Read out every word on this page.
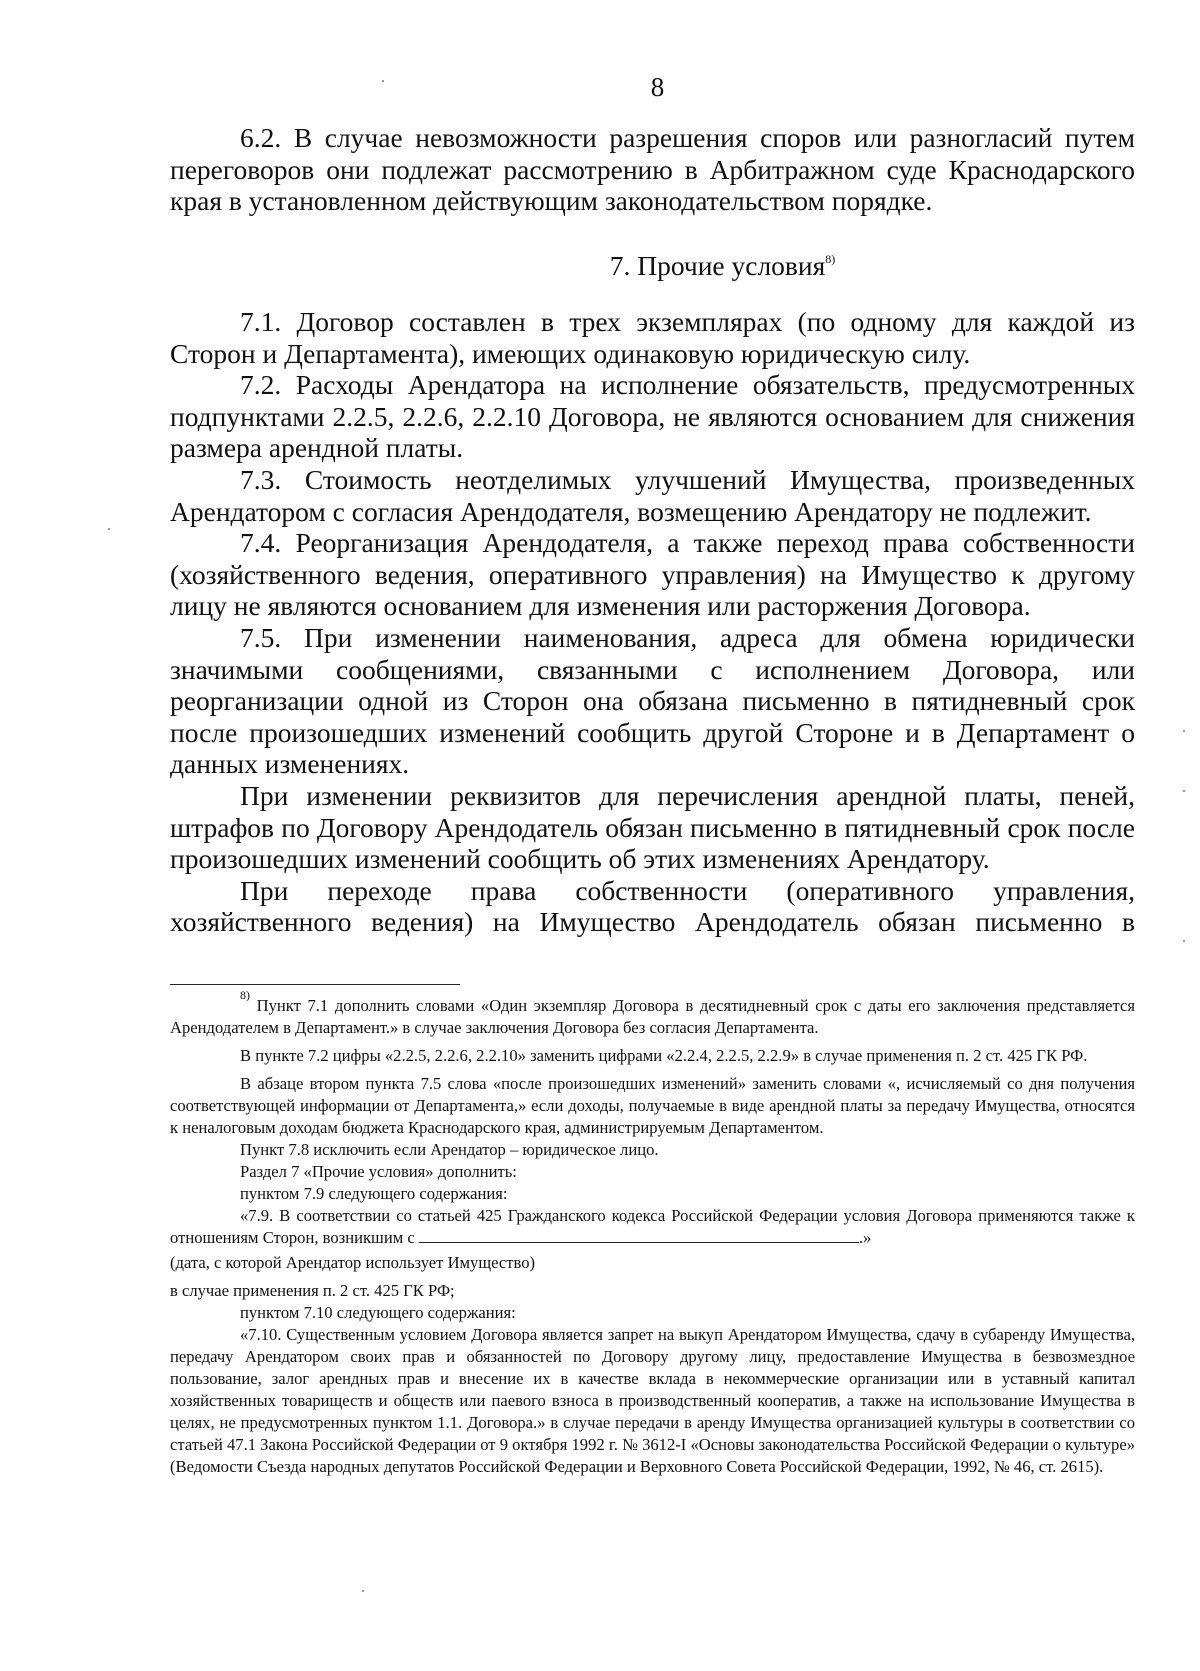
8

6.2. В случае невозможности разрешения споров или разногласий путем переговоров они подлежат рассмотрению в Арбитражном суде Краснодарского края в установленном действующим законодательством порядке.

7. Прочие условия$^{8)}$

7.1. Договор составлен в трех экземплярах (по одному для каждой из Сторон и Департамента), имеющих одинаковую юридическую силу.

7.2. Расходы Арендатора на исполнение обязательств, предусмотренных подпунктами 2.2.5, 2.2.6, 2.2.10 Договора, не являются основанием для снижения размера арендной платы.

7.3. Стоимость неотделимых улучшений Имущества, произведенных Арендатором с согласия Арендодателя, возмещению Арендатору не подлежит.

7.4. Реорганизация Арендодателя, а также переход права собственности (хозяйственного ведения, оперативного управления) на Имущество к другому лицу не являются основанием для изменения или расторжения Договора.

7.5. При изменении наименования, адреса для обмена юридически значимыми сообщениями, связанными с исполнением Договора, или реорганизации одной из Сторон она обязана письменно в пятидневный срок после произошедших изменений сообщить другой Стороне и в Департамент о данных изменениях.

При изменении реквизитов для перечисления арендной платы, пеней, штрафов по Договору Арендодатель обязан письменно в пятидневный срок после произошедших изменений сообщить об этих изменениях Арендатору.

При переходе права собственности (оперативного управления, хозяйственного ведения) на Имущество Арендодатель обязан письменно в

$^{8)}$ Пункт 7.1 дополнить словами «Один экземпляр Договора в десятидневный срок с даты его заключения представляется Арендодателем в Департамент.» в случае заключения Договора без согласия Департамента.

В пункте 7.2 цифры «2.2.5, 2.2.6, 2.2.10» заменить цифрами «2.2.4, 2.2.5, 2.2.9» в случае применения п. 2 ст. 425 ГК РФ.

В абзаце втором пункта 7.5 слова «после произошедших изменений» заменить словами «, исчисляемый со дня получения соответствующей информации от Департамента,» если доходы, получаемые в виде арендной платы за передачу Имущества, относятся к неналоговым доходам бюджета Краснодарского края, администрируемым Департаментом.

Пункт 7.8 исключить если Арендатор – юридическое лицо.

Раздел 7 «Прочие условия» дополнить:

пунктом 7.9 следующего содержания:

«7.9. В соответствии со статьей 425 Гражданского кодекса Российской Федерации условия Договора применяются также к отношениям Сторон, возникшим с	.»

(дата, с которой Арендатор использует Имущество)

в случае применения п. 2 ст. 425 ГК РФ;

пунктом 7.10 следующего содержания:

«7.10. Существенным условием Договора является запрет на выкуп Арендатором Имущества, сдачу в субаренду Имущества, передачу Арендатором своих прав и обязанностей по Договору другому лицу, предоставление Имущества в безвозмездное пользование, залог арендных прав и внесение их в качестве вклада в некоммерческие организации или в уставный капитал хозяйственных товариществ и обществ или паевого взноса в производственный кооператив, а также на использование Имущества в целях, не предусмотренных пунктом 1.1. Договора.» в случае передачи в аренду Имущества организацией культуры в соответствии со статьей 47.1 Закона Российской Федерации от 9 октября 1992 г. № 3612-I «Основы законодательства Российской Федерации о культуре» (Ведомости Съезда народных депутатов Российской Федерации и Верховного Совета Российской Федерации, 1992, № 46, ст. 2615).
